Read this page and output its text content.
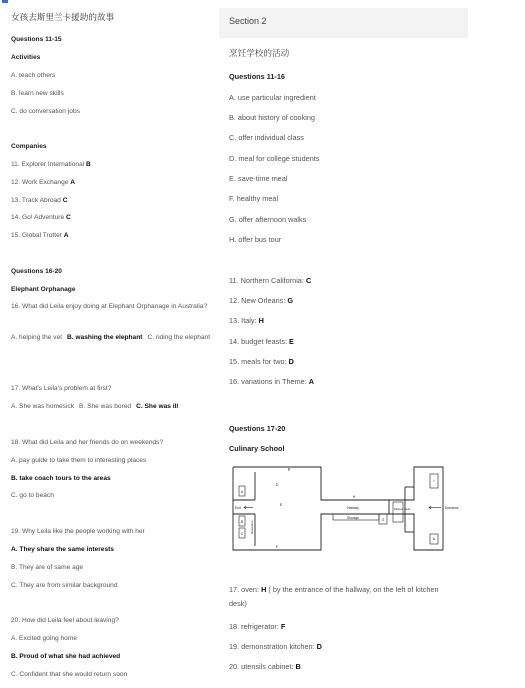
女孩去斯里兰卡援助的故事
Questions 11-15
Activities
A. teach others
B. learn new skills
C. do conversation jobs
Companies
11. Explorer International B
12. Work Exchange A
13. Track Abroad C
14. Go! Adventure C
15. Global Trotter A
Questions 16-20
Elephant Orphanage
16. What did Leila enjoy doing at Elephant Orphanage in Australia?
A. helping the vet B. washing the elephant C. riding the elephant
17. What's Leila's problem at first?
A. She was homesick B. She was bored C. She was ill
18. What did Leila and her friends do on weekends?
A. pay guide to take them to interesting places
B. take coach tours to the areas
C. go to beach
19. Why Leila like the people working with her
A. They share the same interests
B. They are of same age
C. They are from similar background
20. How did Leila feel about leaving?
A. Excited going home
B. Proud of what she had achieved
C. Confident that she would return soon
Section 2
烹饪学校的活动
Questions 11-16
A. use particular ingredient
B. about history of cooking
C. offer individual class
D. meal for college students
E. save-time meal
F. healthy meal
G. offer afternoon walks
H. offer bus tour
11. Northern California: C
12. New Orleans: G
13. Italy: H
14. budget feasts: E
15. meals for two: D
16. variations in Theme: A
Questions 17-20
Culinary School
A
B
C
D
E
F
G
H
I
B
A
Exit	Hallway
Storage
Entrance
Kitchen desk
Reception
17. oven: H ( by the entrance of the hallway, on the left of kitchen desk)
18. refrigerator: F
19. demonstration kitchen: D
20. utensils cabinet: B
